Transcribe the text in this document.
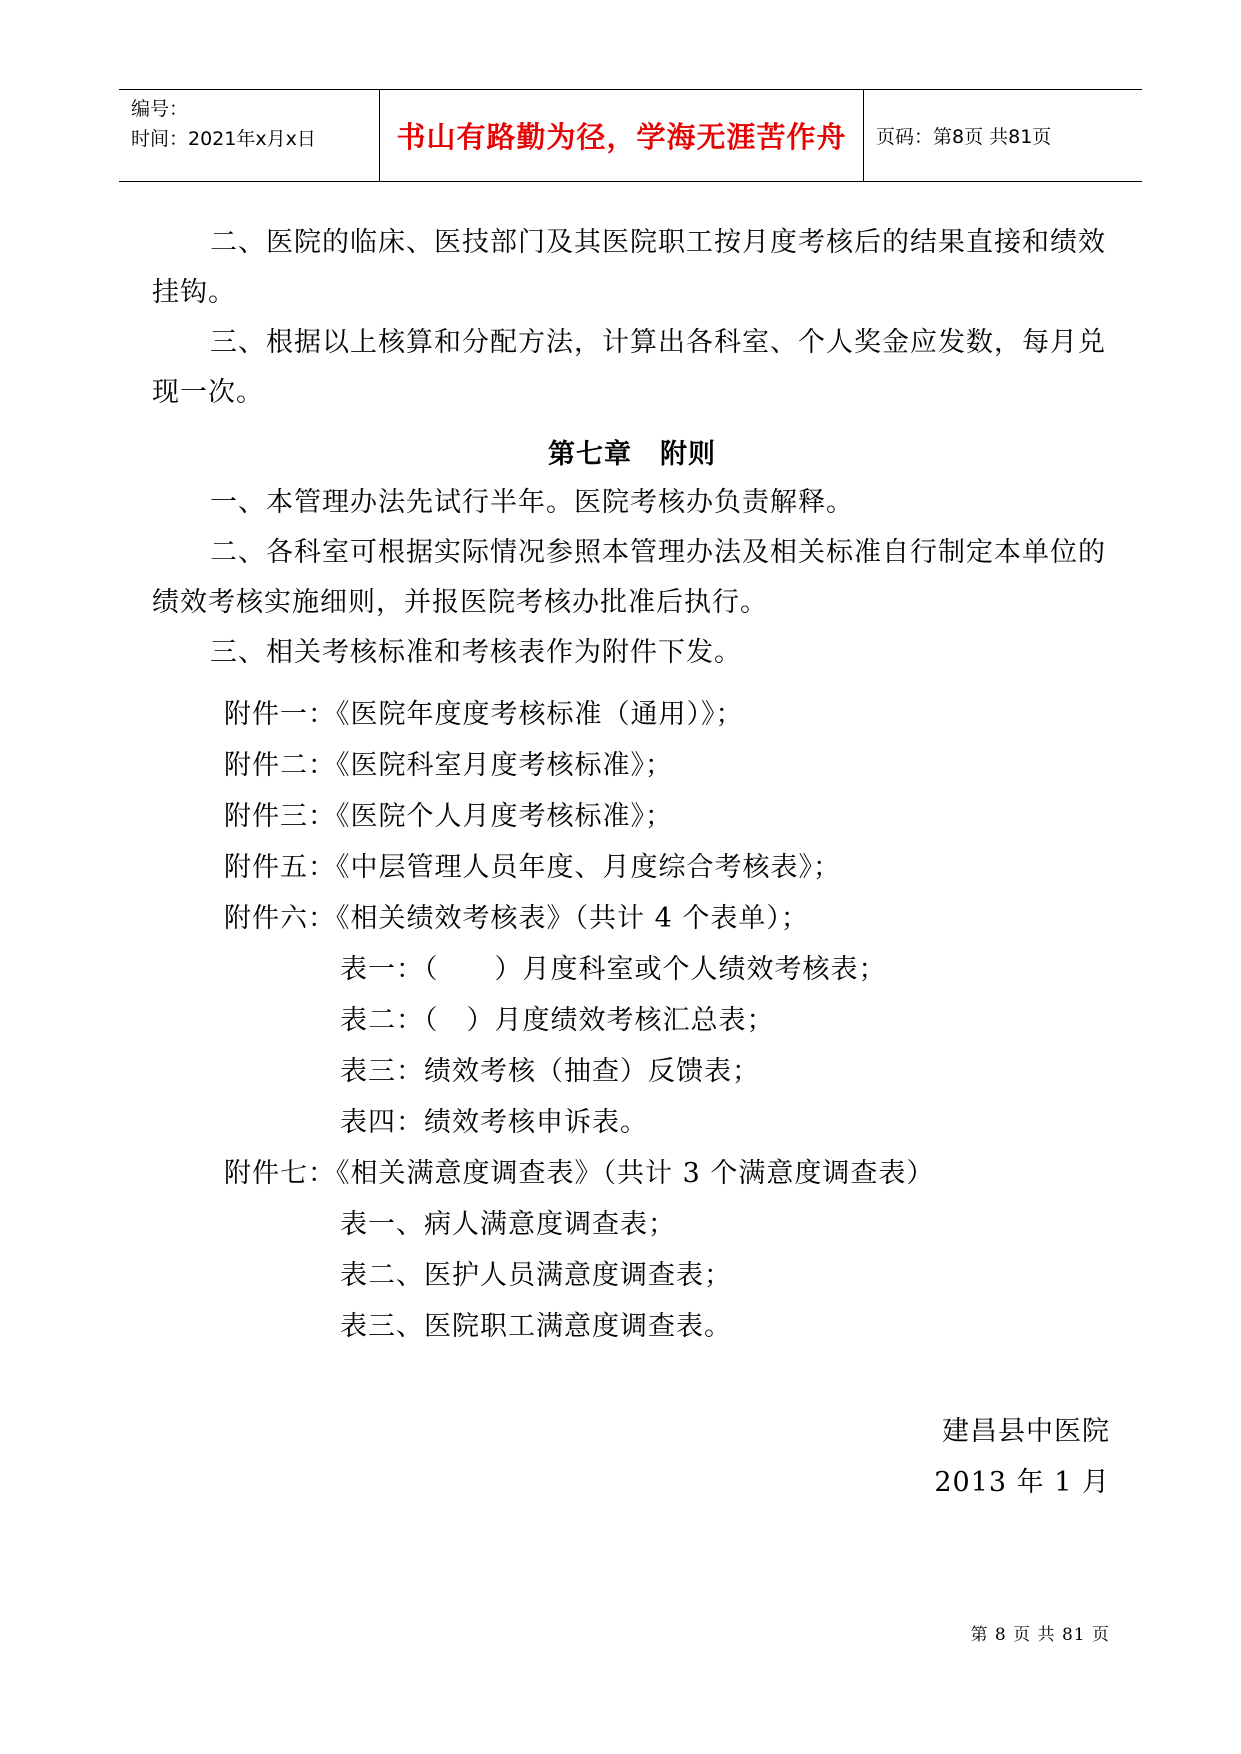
编号：
时间：2021年x月x日	书山有路勤为径，学海无涯苦作舟	页码：第8页 共81页

二、医院的临床、医技部门及其医院职工按月度考核后的结果直接和绩效挂钩。

三、根据以上核算和分配方法，计算出各科室、个人奖金应发数，每月兑现一次。

第七章　附则

一、本管理办法先试行半年。医院考核办负责解释。

二、各科室可根据实际情况参照本管理办法及相关标准自行制定本单位的绩效考核实施细则，并报医院考核办批准后执行。

三、相关考核标准和考核表作为附件下发。

附件一：《医院年度度考核标准（通用）》；
附件二：《医院科室月度考核标准》；
附件三：《医院个人月度考核标准》；
附件五：《中层管理人员年度、月度综合考核表》；
附件六：《相关绩效考核表》（共计 4 个表单）；
表一：（　　）月度科室或个人绩效考核表；
表二：（　）月度绩效考核汇总表；
表三：绩效考核（抽查）反馈表；
表四：绩效考核申诉表。
附件七：《相关满意度调查表》（共计 3 个满意度调查表）
表一、病人满意度调查表；
表二、医护人员满意度调查表；
表三、医院职工满意度调查表。
建昌县中医院
2013 年 1 月
第 8 页 共 81 页
